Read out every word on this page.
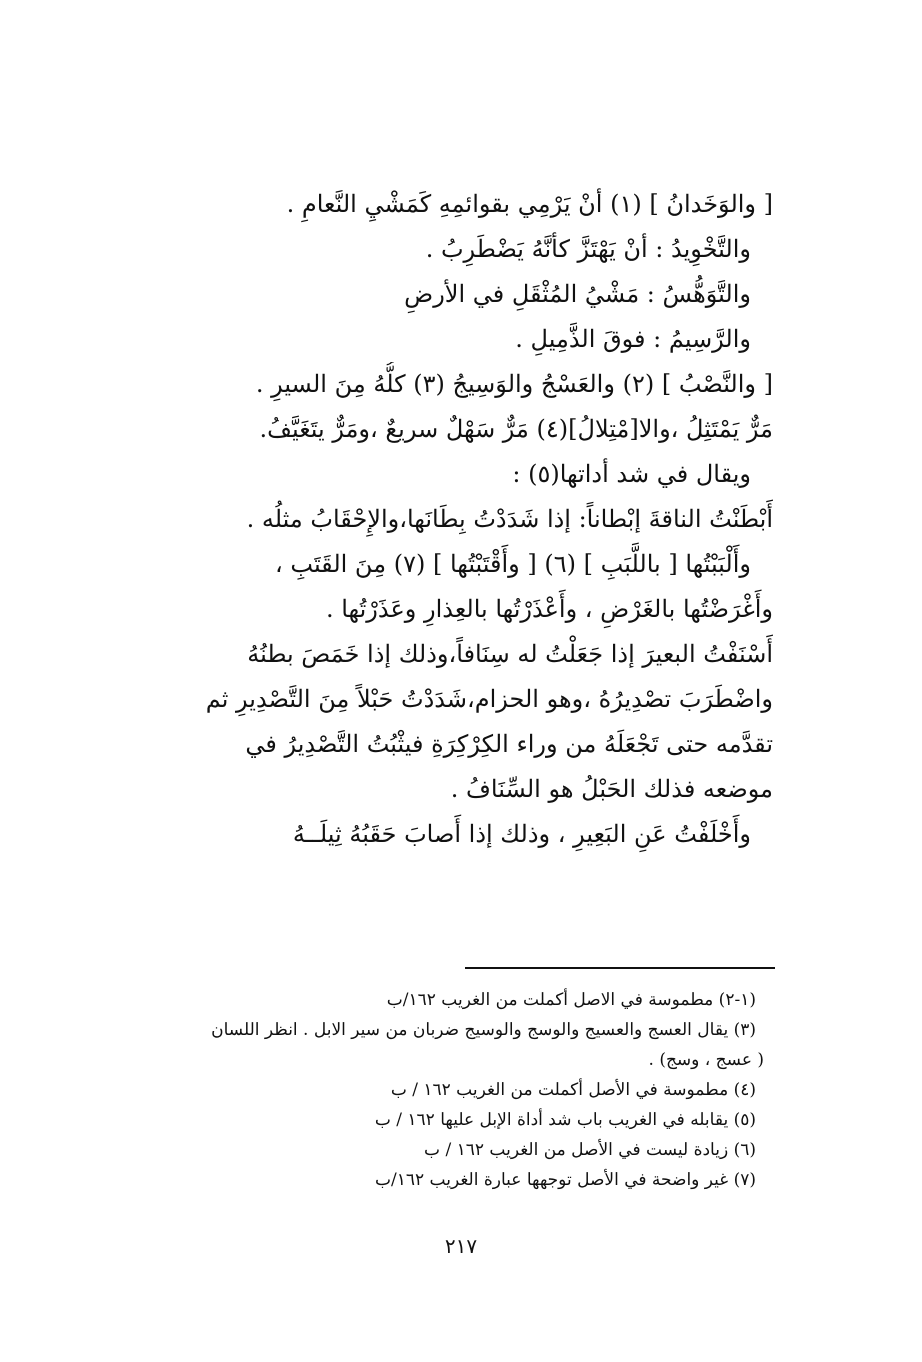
[ والوَخَدانُ ] (١) أنْ يَرْمِي بقوائمِهِ كَمَشْيِ النَّعامِ .
والتَّخْوِيدُ : أنْ يَهْتَزَّ كأنَّهُ يَضْطَرِبُ .
والتَّوَهُّسُ : مَشْيُ المُثْقَلِ في الأرضِ
والرَّسِيمُ : فوقَ الذَّمِيلِ .
[ والنَّصْبُ ] (٢) والعَسْجُ والوَسِيجُ (٣) كلُّهُ مِنَ السيرِ .
مَرٌّ يَمْتَثِلُ ،والا[مْتِلالُ](٤) مَرٌّ سَهْلٌ سريعٌ ،ومَرٌّ يتَغَيَّفُ.
ويقال في شد أداتها(٥) :
أَبْطَنْتُ الناقةَ إبْطاناً: إذا شَدَدْتُ بِطَانَها،والإِحْقَابُ مثلُه .
وأَلْبَبْتُها [ باللَّبَبِ ] (٦) [ وأَقْتَبْتُها ] (٧) مِنَ القَتَبِ ،
وأَغْرَضْتُها بالغَرْضِ ، وأَعْذَرْتُها بالعِذارِ وعَذَرْتُها .
أَسْنَفْتُ البعيرَ إذا جَعَلْتُ له سِنَافاً،وذلك إذا خَمَصَ بطنُهُ
واضْطَرَبَ تصْدِيرُهُ ،وهو الحزام،شَدَدْتُ حَبْلاً مِنَ التَّصْدِيرِ ثم
تقدَّمه حتى تَجْعَلَهُ من وراء الكِرْكِرَةِ فيثْبُتُ التَّصْدِيرُ في
موضعه فذلك الحَبْلُ هو السِّنَافُ .
وأَخْلَفْتُ عَنِ البَعِيرِ ، وذلك إذا أَصابَ حَقَبُهُ ثِيلَــهُ
(١-٢) مطموسة في الاصل أكملت من الغريب ١٦٢/ب
(٣) يقال العسج والعسيج والوسج والوسيج ضربان من سير الابل . انظر اللسان
( عسج ، وسج) .
(٤) مطموسة في الأصل أكملت من الغريب ١٦٢ / ب
(٥) يقابله في الغريب باب شد أداة الإبل عليها ١٦٢ / ب
(٦) زيادة ليست في الأصل من الغريب ١٦٢ / ب
(٧) غير واضحة في الأصل توجهها عبارة الغريب ١٦٢/ب
٢١٧
